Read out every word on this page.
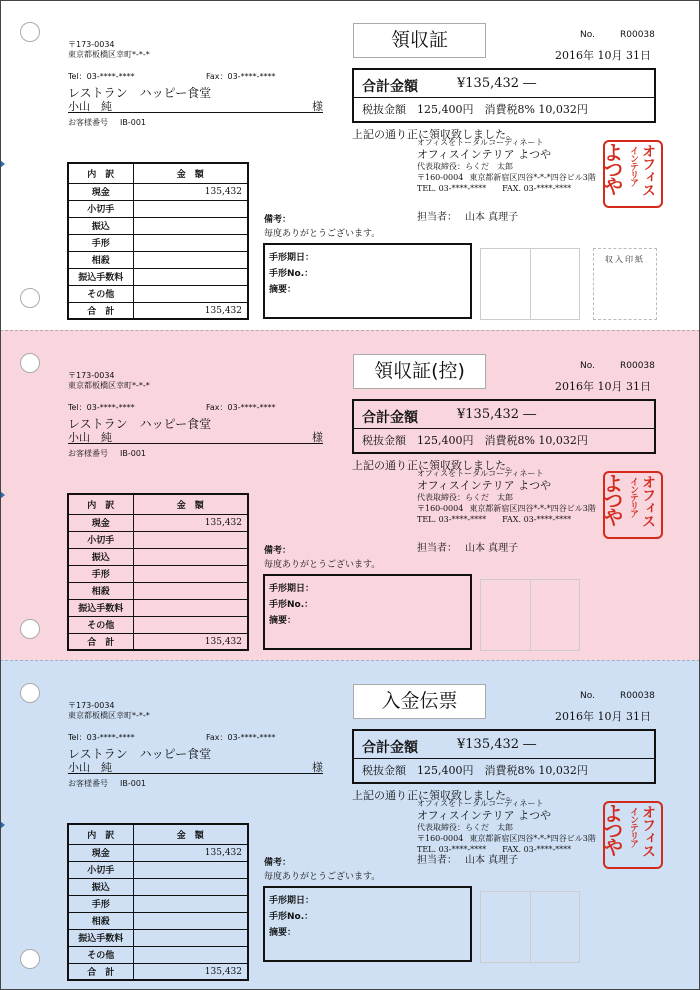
〒173-0034
東京都板橋区幸町*-*-*
Tel：03-****-****	Fax：03-****-****
レストラン　ハッピー食堂
小山　純	様
お客様番号 IB-001
領収証	No.	R00038
2016年 10月 31日
合計金額	¥135,432 ―
税抜金額　125,400円　消費税8% 10,032円
上記の通り正に領収致しました。
オフィスをトータルコーディネート
オフィスインテリア よつや
代表取締役：らくだ　太郎
〒160-0004 東京都新宿区四谷*-*-*四谷ビル3階
TEL. 03-****-**** FAX. 03-****-****	オフィス
インテリア
よつや
担当者： 山本 真理子
内　訳	金　額
現金	135,432
小切手	
振込	
手形	
相殺	
振込手数料	
その他	
合　計	135,432
備考：
毎度ありがとうございます。
手形期日：
手形No.：
摘要：
収入印紙
〒173-0034
東京都板橋区幸町*-*-*
Tel：03-****-****	Fax：03-****-****
レストラン　ハッピー食堂
小山　純	様
お客様番号 IB-001
領収証(控)	No.	R00038
2016年 10月 31日
合計金額	¥135,432 ―
税抜金額　125,400円　消費税8% 10,032円
上記の通り正に領収致しました。
オフィスをトータルコーディネート
オフィスインテリア よつや
代表取締役：らくだ　太郎
〒160-0004 東京都新宿区四谷*-*-*四谷ビル3階
TEL. 03-****-**** FAX. 03-****-****	オフィス
インテリア
よつや
担当者： 山本 真理子
内　訳	金　額
現金	135,432
小切手	
振込	
手形	
相殺	
振込手数料	
その他	
合　計	135,432
備考：
毎度ありがとうございます。
手形期日：
手形No.：
摘要：
〒173-0034
東京都板橋区幸町*-*-*
Tel：03-****-****	Fax：03-****-****
レストラン　ハッピー食堂
小山　純	様
お客様番号 IB-001
入金伝票	No.	R00038
2016年 10月 31日
合計金額	¥135,432 ―
税抜金額　125,400円　消費税8% 10,032円
上記の通り正に領収致しました。
オフィスをトータルコーディネート
オフィスインテリア よつや
代表取締役：らくだ　太郎
〒160-0004 東京都新宿区四谷*-*-*四谷ビル3階
TEL. 03-****-**** FAX. 03-****-****	オフィス
インテリア
よつや
担当者： 山本 真理子
内　訳	金　額
現金	135,432
小切手	
振込	
手形	
相殺	
振込手数料	
その他	
合　計	135,432
備考：
毎度ありがとうございます。
手形期日：
手形No.：
摘要：
